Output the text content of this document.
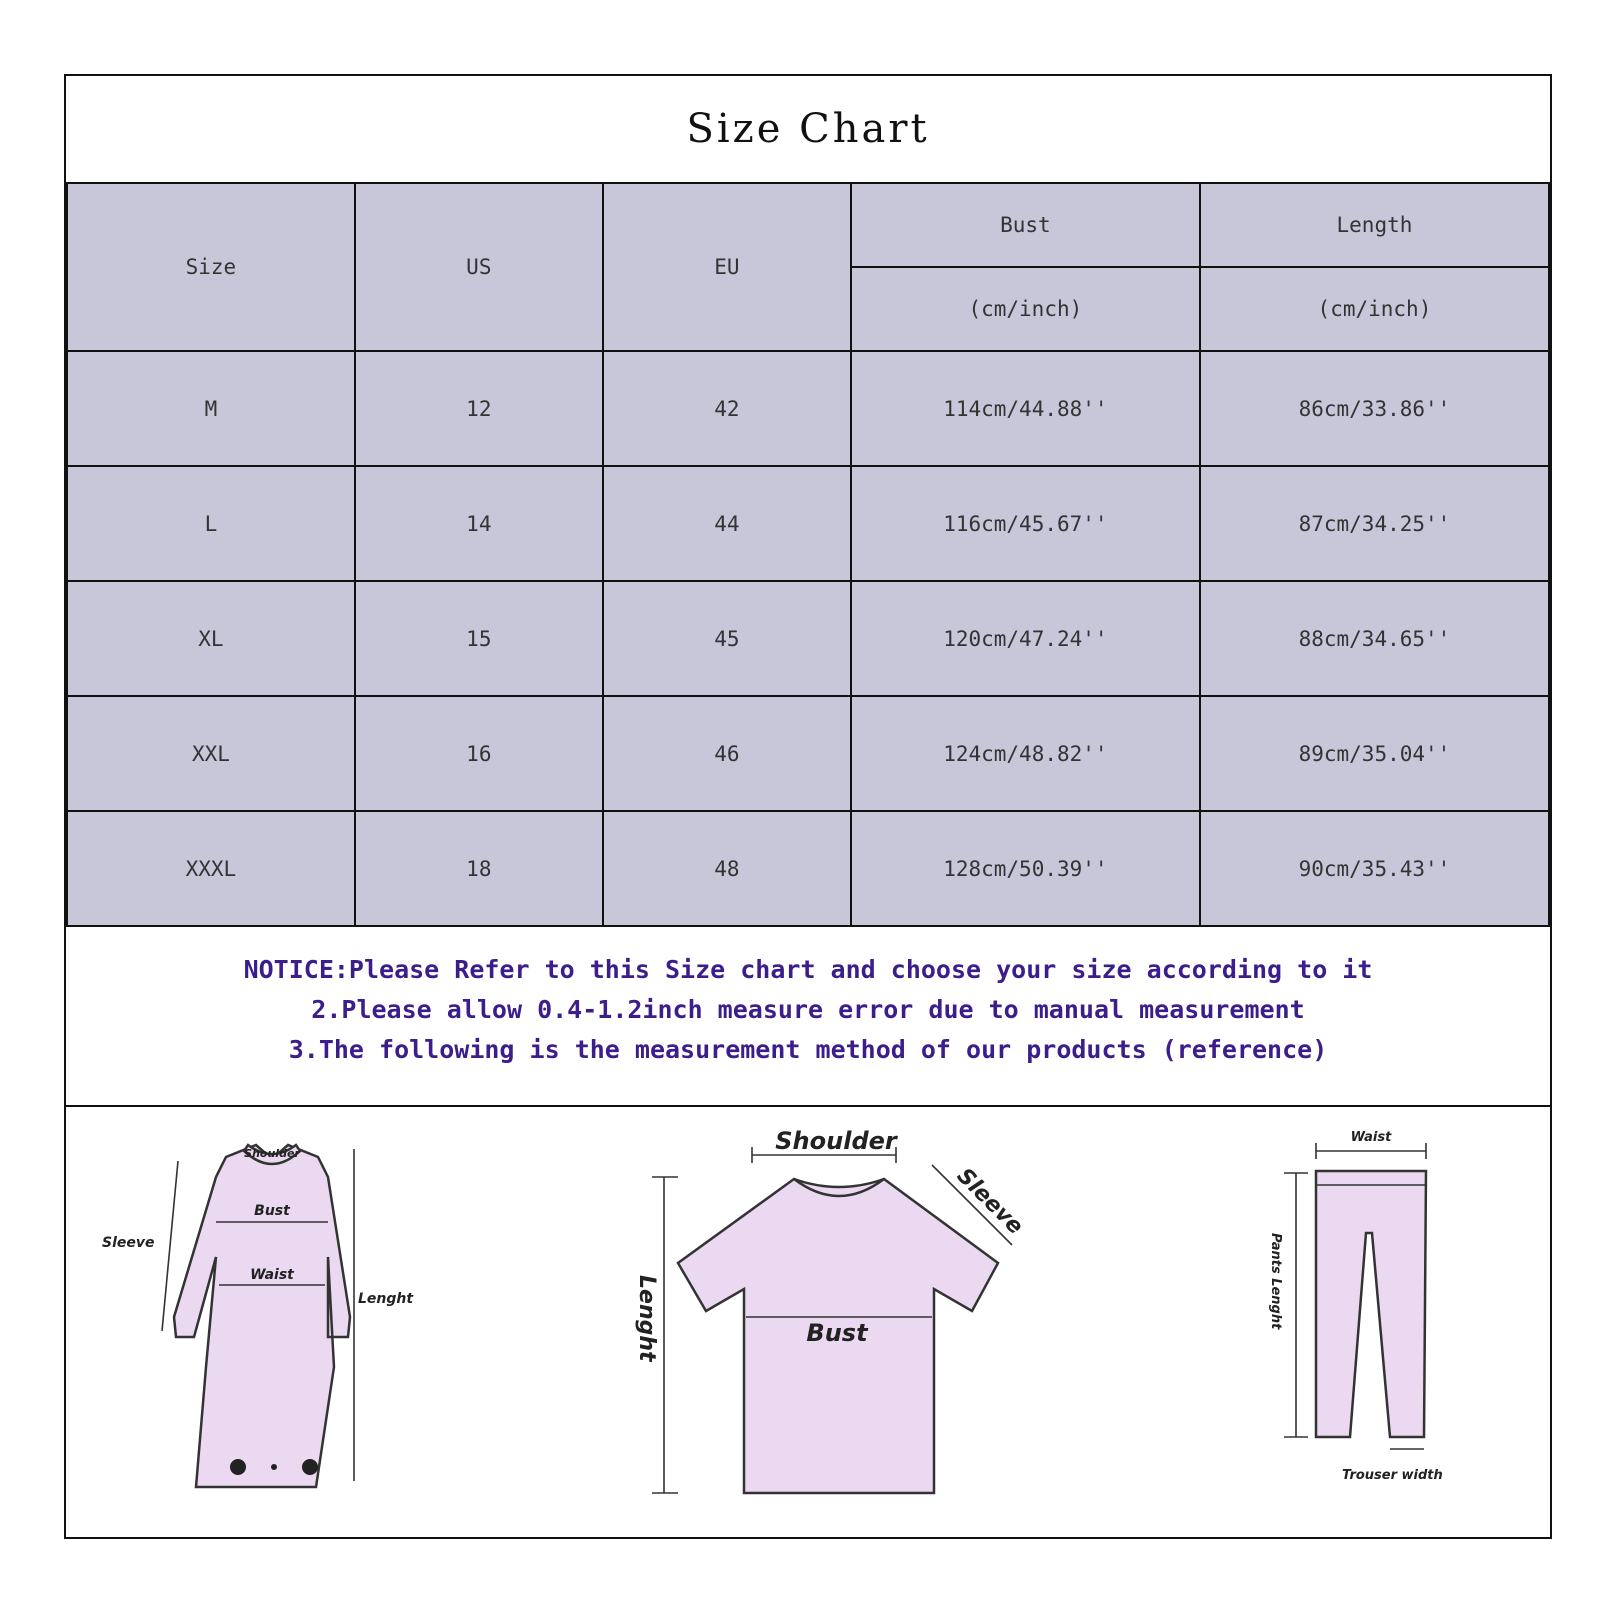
Size Chart
Size	US	EU	Bust	Length
			(cm/inch)	(cm/inch)
M	12	42	114cm/44.88''	86cm/33.86''
L	14	44	116cm/45.67''	87cm/34.25''
XL	15	45	120cm/47.24''	88cm/34.65''
XXL	16	46	124cm/48.82''	89cm/35.04''
XXXL	18	48	128cm/50.39''	90cm/35.43''
NOTICE:Please Refer to this Size chart and choose your size according to it
2.Please allow 0.4-1.2inch measure error due to manual measurement
3.The following is the measurement method of our products (reference)
Shoulder
Bust
Waist
Sleeve
Lenght
Shoulder
Sleeve
Bust
Lenght
Waist
Pants Lenght
Trouser width
